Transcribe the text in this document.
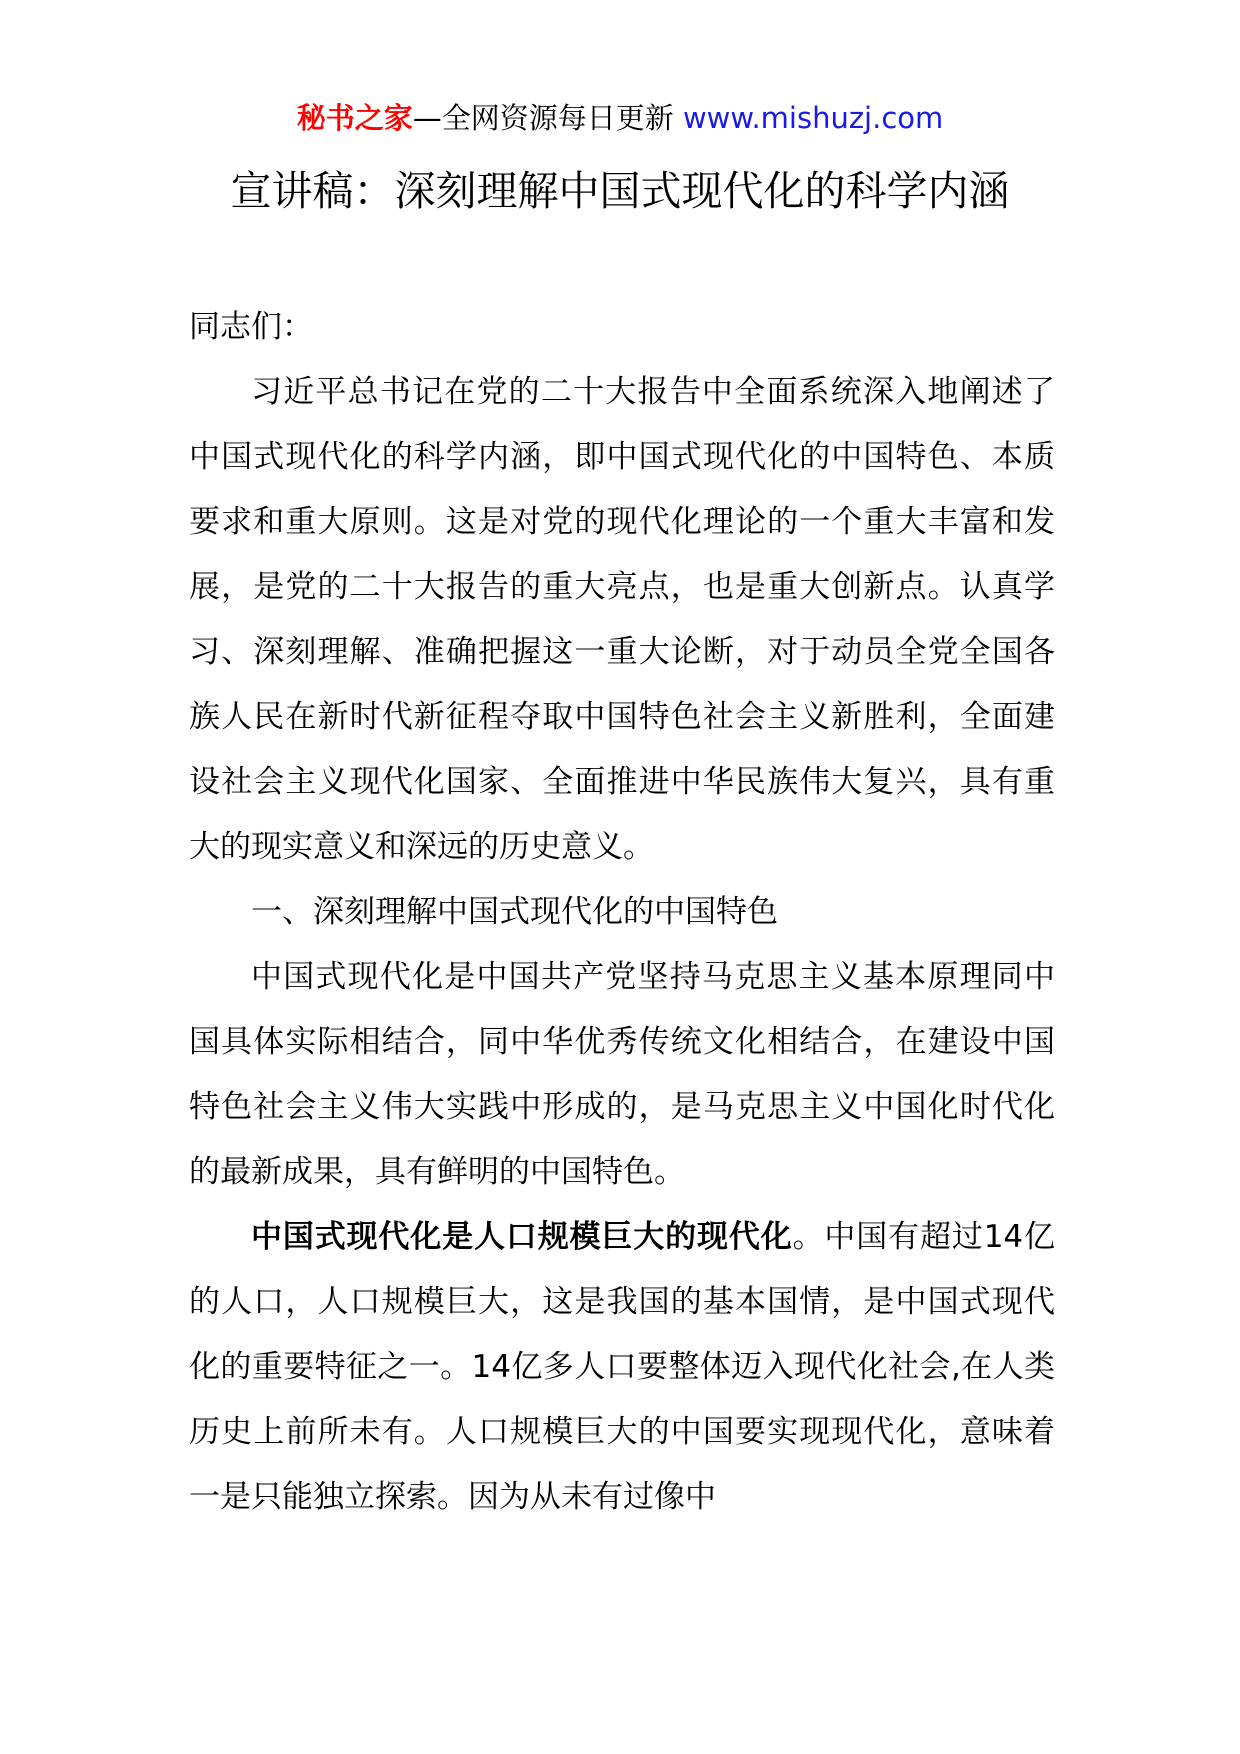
秘书之家—全网资源每日更新 www.mishuzj.com
宣讲稿：深刻理解中国式现代化的科学内涵

同志们：

习近平总书记在党的二十大报告中全面系统深入地阐述了中国式现代化的科学内涵，即中国式现代化的中国特色、本质要求和重大原则。这是对党的现代化理论的一个重大丰富和发展，是党的二十大报告的重大亮点，也是重大创新点。认真学习、深刻理解、准确把握这一重大论断，对于动员全党全国各族人民在新时代新征程夺取中国特色社会主义新胜利，全面建设社会主义现代化国家、全面推进中华民族伟大复兴，具有重大的现实意义和深远的历史意义。

一、深刻理解中国式现代化的中国特色

中国式现代化是中国共产党坚持马克思主义基本原理同中国具体实际相结合，同中华优秀传统文化相结合，在建设中国特色社会主义伟大实践中形成的，是马克思主义中国化时代化的最新成果，具有鲜明的中国特色。

中国式现代化是人口规模巨大的现代化。中国有超过14亿的人口，人口规模巨大，这是我国的基本国情，是中国式现代化的重要特征之一。14亿多人口要整体迈入现代化社会,在人类历史上前所未有。人口规模巨大的中国要实现现代化，意味着一是只能独立探索。因为从未有过像中
